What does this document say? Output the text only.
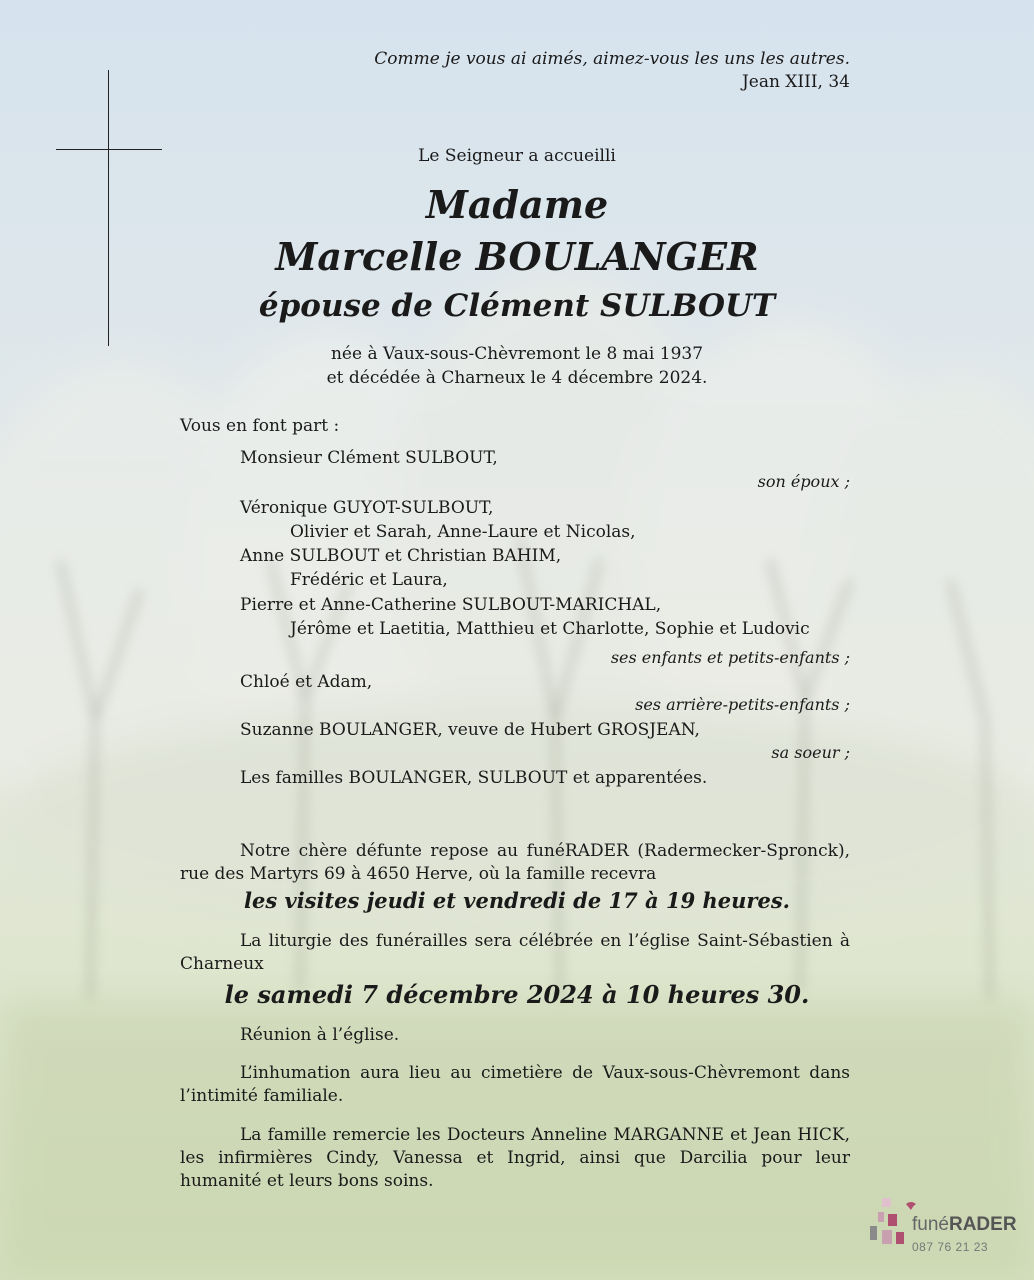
Comme je vous ai aimés, aimez-vous les uns les autres.
Jean XIII, 34
Le Seigneur a accueilli
Madame
Marcelle BOULANGER
épouse de Clément SULBOUT
née à Vaux-sous-Chèvremont le 8 mai 1937
et décédée à Charneux le 4 décembre 2024.
Vous en font part :
Monsieur Clément SULBOUT,
son époux ;
Véronique GUYOT-SULBOUT,
Olivier et Sarah, Anne-Laure et Nicolas,
Anne SULBOUT et Christian BAHIM,
Frédéric et Laura,
Pierre et Anne-Catherine SULBOUT-MARICHAL,
Jérôme et Laetitia, Matthieu et Charlotte, Sophie et Ludovic
ses enfants et petits-enfants ;
Chloé et Adam,
ses arrière-petits-enfants ;
Suzanne BOULANGER, veuve de Hubert GROSJEAN,
sa soeur ;
Les familles BOULANGER, SULBOUT et apparentées.

Notre chère défunte repose au funéRADER (Radermecker-Spronck), rue des Martyrs 69 à 4650 Herve, où la famille recevra

les visites jeudi et vendredi de 17 à 19 heures.

La liturgie des funérailles sera célébrée en l’église Saint-Sébastien à Charneux

le samedi 7 décembre 2024 à 10 heures 30.

Réunion à l’église.

L’inhumation aura lieu au cimetière de Vaux-sous-Chèvremont dans l’intimité familiale.

La famille remercie les Docteurs Anneline MARGANNE et Jean HICK, les infirmières Cindy, Vanessa et Ingrid, ainsi que Darcilia pour leur humanité et leurs bons soins.

funéRADER
087 76 21 23
